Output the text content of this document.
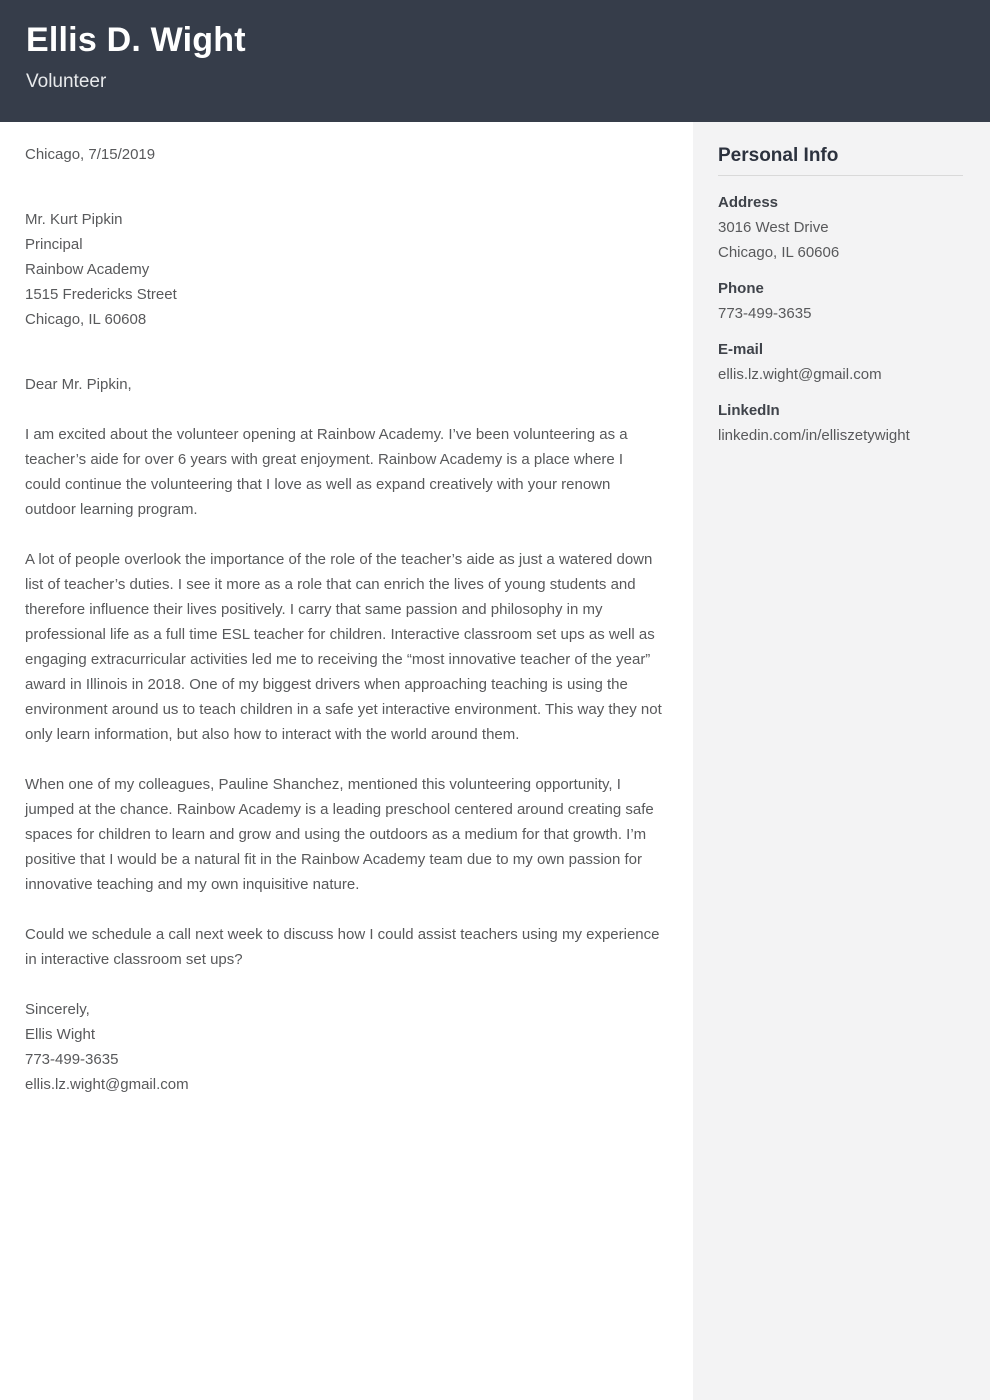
Ellis D. Wight
Volunteer
Chicago, 7/15/2019
Mr. Kurt Pipkin
Principal
Rainbow Academy
1515 Fredericks Street
Chicago, IL 60608
Dear Mr. Pipkin,

I am excited about the volunteer opening at Rainbow Academy. I’ve been volunteering as a teacher’s aide for over 6 years with great enjoyment. Rainbow Academy is a place where I could continue the volunteering that I love as well as expand creatively with your renown outdoor learning program.

A lot of people overlook the importance of the role of the teacher’s aide as just a watered down list of teacher’s duties. I see it more as a role that can enrich the lives of young students and therefore influence their lives positively. I carry that same passion and philosophy in my professional life as a full time ESL teacher for children. Interactive classroom set ups as well as engaging extracurricular activities led me to receiving the “most innovative teacher of the year” award in Illinois in 2018. One of my biggest drivers when approaching teaching is using the environment around us to teach children in a safe yet interactive environment. This way they not only learn information, but also how to interact with the world around them.

When one of my colleagues, Pauline Shanchez, mentioned this volunteering opportunity, I jumped at the chance. Rainbow Academy is a leading preschool centered around creating safe spaces for children to learn and grow and using the outdoors as a medium for that growth. I’m positive that I would be a natural fit in the Rainbow Academy team due to my own passion for innovative teaching and my own inquisitive nature.

Could we schedule a call next week to discuss how I could assist teachers using my experience in interactive classroom set ups?

Sincerely,
Ellis Wight
773-499-3635
ellis.lz.wight@gmail.com
Personal Info
Address
3016 West Drive
Chicago, IL 60606
Phone
773-499-3635
E-mail
ellis.lz.wight@gmail.com
LinkedIn
linkedin.com/in/elliszetywight
